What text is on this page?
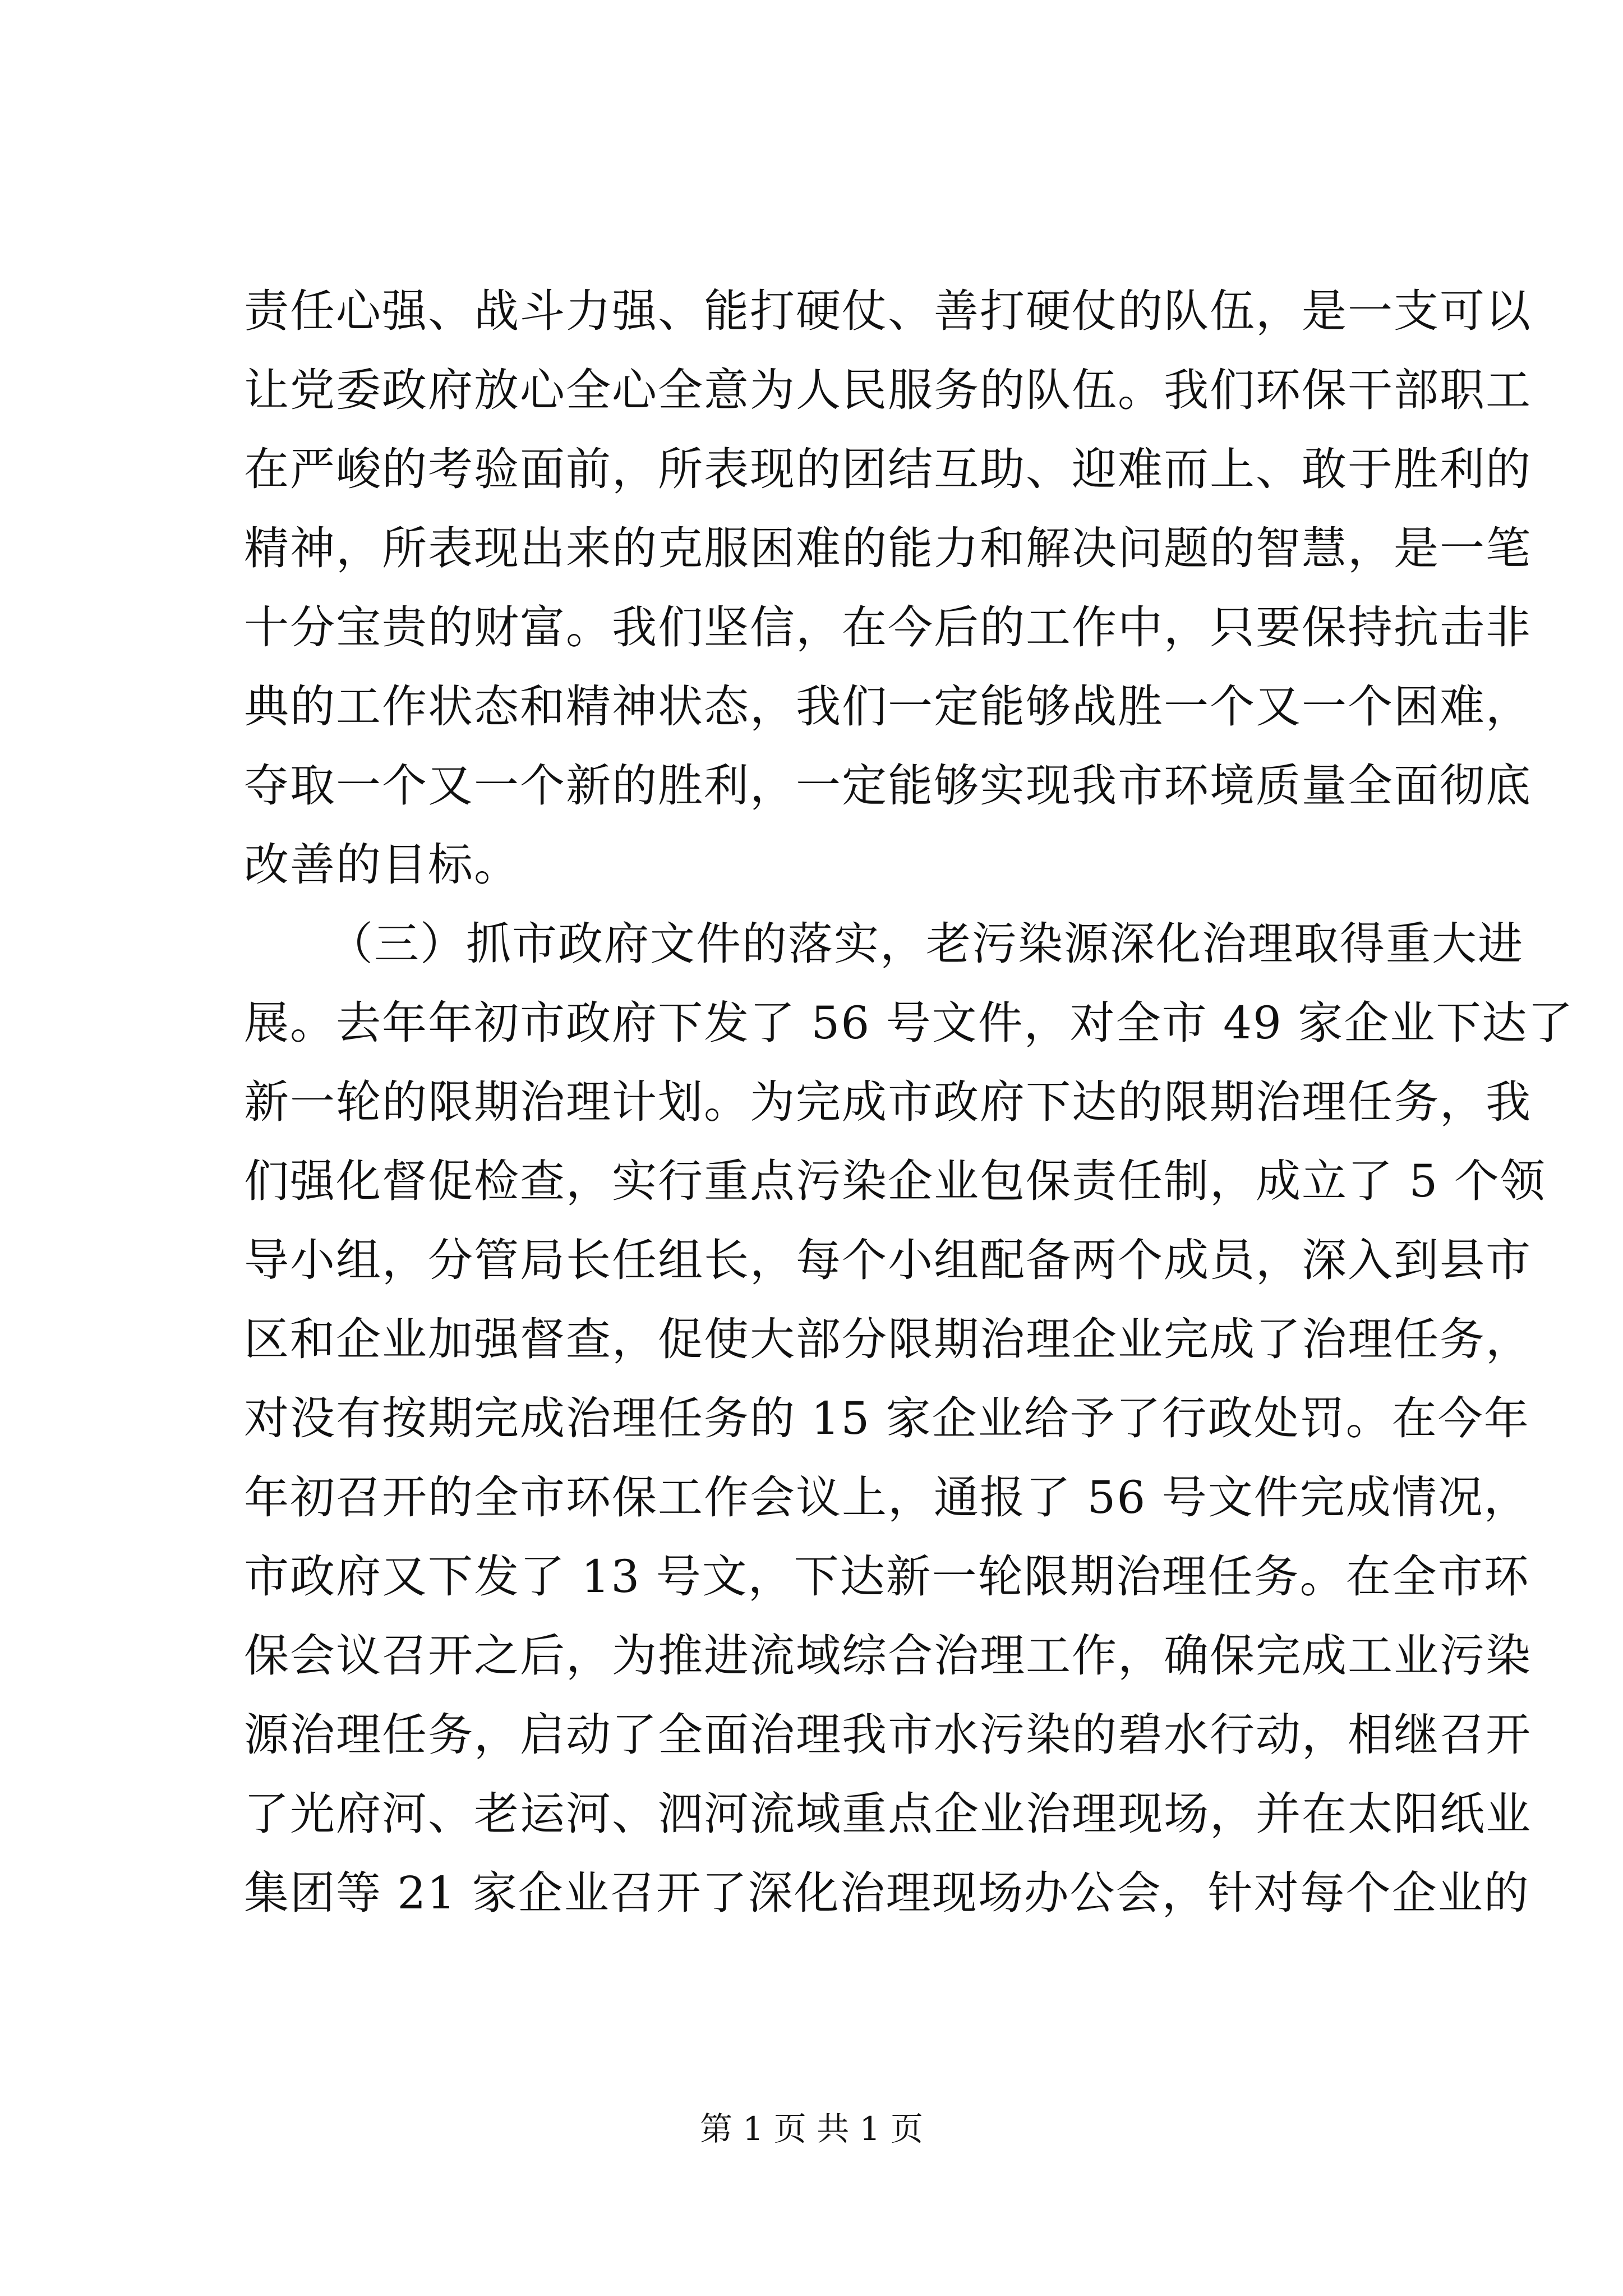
责任心强、战斗力强、能打硬仗、善打硬仗的队伍，是一支可以
让党委政府放心全心全意为人民服务的队伍。我们环保干部职工
在严峻的考验面前，所表现的团结互助、迎难而上、敢于胜利的
精神，所表现出来的克服困难的能力和解决问题的智慧，是一笔
十分宝贵的财富。我们坚信，在今后的工作中，只要保持抗击非
典的工作状态和精神状态，我们一定能够战胜一个又一个困难，
夺取一个又一个新的胜利，一定能够实现我市环境质量全面彻底
改善的目标。
（三）抓市政府文件的落实，老污染源深化治理取得重大进
展。去年年初市政府下发了 56 号文件，对全市 49 家企业下达了
新一轮的限期治理计划。为完成市政府下达的限期治理任务，我
们强化督促检查，实行重点污染企业包保责任制，成立了 5 个领
导小组，分管局长任组长，每个小组配备两个成员，深入到县市
区和企业加强督查，促使大部分限期治理企业完成了治理任务，
对没有按期完成治理任务的 15 家企业给予了行政处罚。在今年
年初召开的全市环保工作会议上，通报了 56 号文件完成情况，
市政府又下发了 13 号文，下达新一轮限期治理任务。在全市环
保会议召开之后，为推进流域综合治理工作，确保完成工业污染
源治理任务，启动了全面治理我市水污染的碧水行动，相继召开
了光府河、老运河、泗河流域重点企业治理现场，并在太阳纸业
集团等 21 家企业召开了深化治理现场办公会，针对每个企业的
第 1 页 共 1 页
